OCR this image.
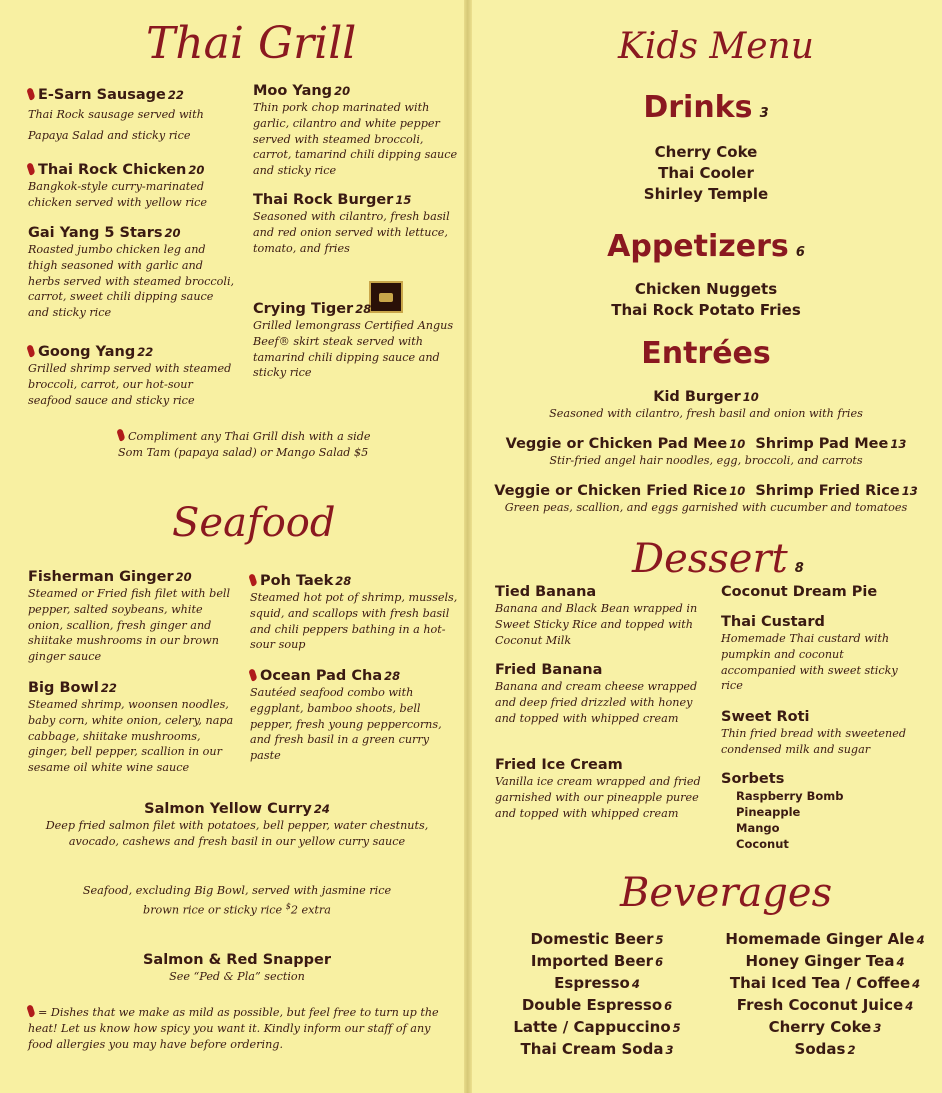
Thai Grill
E-Sarn Sausage 22
Thai Rock sausage served with Papaya Salad and sticky rice
Thai Rock Chicken 20
Bangkok-style curry-marinated chicken served with yellow rice
Gai Yang 5 Stars 20
Roasted jumbo chicken leg and thigh seasoned with garlic and herbs served with steamed broccoli, carrot, sweet chili dipping sauce and sticky rice
Goong Yang 22
Grilled shrimp served with steamed broccoli, carrot, our hot-sour seafood sauce and sticky rice
Moo Yang 20
Thin pork chop marinated with garlic, cilantro and white pepper served with steamed broccoli, carrot, tamarind chili dipping sauce and sticky rice
Thai Rock Burger 15
Seasoned with cilantro, fresh basil and red onion served with lettuce, tomato, and fries
Crying Tiger 28
Grilled lemongrass Certified Angus Beef® skirt steak served with tamarind chili dipping sauce and sticky rice
Compliment any Thai Grill dish with a side Som Tam (papaya salad) or Mango Salad $5
Seafood
Fisherman Ginger 20
Steamed or Fried fish filet with bell pepper, salted soybeans, white onion, scallion, fresh ginger and shiitake mushrooms in our brown ginger sauce
Big Bowl 22
Steamed shrimp, woonsen noodles, baby corn, white onion, celery, napa cabbage, shiitake mushrooms, ginger, bell pepper, scallion in our sesame oil white wine sauce
Poh Taek 28
Steamed hot pot of shrimp, mussels, squid, and scallops with fresh basil and chili peppers bathing in a hot-sour soup
Ocean Pad Cha 28
Sautéed seafood combo with eggplant, bamboo shoots, bell pepper, fresh young peppercorns, and fresh basil in a green curry paste
Salmon Yellow Curry 24
Deep fried salmon filet with potatoes, bell pepper, water chestnuts, avocado, cashews and fresh basil in our yellow curry sauce
Seafood, excluding Big Bowl, served with jasmine rice
brown rice or sticky rice $2 extra
Salmon & Red Snapper
See “Ped & Pla” section
= Dishes that we make as mild as possible, but feel free to turn up the heat! Let us know how spicy you want it. Kindly inform our staff of any food allergies you may have before ordering.
Kids Menu
Drinks 3
Cherry Coke
Thai Cooler
Shirley Temple
Appetizers 6
Chicken Nuggets
Thai Rock Potato Fries
Entrées
Kid Burger 10
Seasoned with cilantro, fresh basil and onion with fries
Veggie or Chicken Pad Mee 10 Shrimp Pad Mee 13
Stir-fried angel hair noodles, egg, broccoli, and carrots
Veggie or Chicken Fried Rice 10 Shrimp Fried Rice 13
Green peas, scallion, and eggs garnished with cucumber and tomatoes
Dessert 8
Tied Banana
Banana and Black Bean wrapped in Sweet Sticky Rice and topped with Coconut Milk
Fried Banana
Banana and cream cheese wrapped and deep fried drizzled with honey and topped with whipped cream
Fried Ice Cream
Vanilla ice cream wrapped and fried garnished with our pineapple puree and topped with whipped cream
Coconut Dream Pie
Thai Custard
Homemade Thai custard with pumpkin and coconut accompanied with sweet sticky rice
Sweet Roti
Thin fried bread with sweetened condensed milk and sugar
Sorbets
Raspberry Bomb
Pineapple
Mango
Coconut
Beverages
Domestic Beer 5
Imported Beer 6
Espresso 4
Double Espresso 6
Latte / Cappuccino 5
Thai Cream Soda 3
Homemade Ginger Ale 4
Honey Ginger Tea 4
Thai Iced Tea / Coffee 4
Fresh Coconut Juice 4
Cherry Coke 3
Sodas 2
